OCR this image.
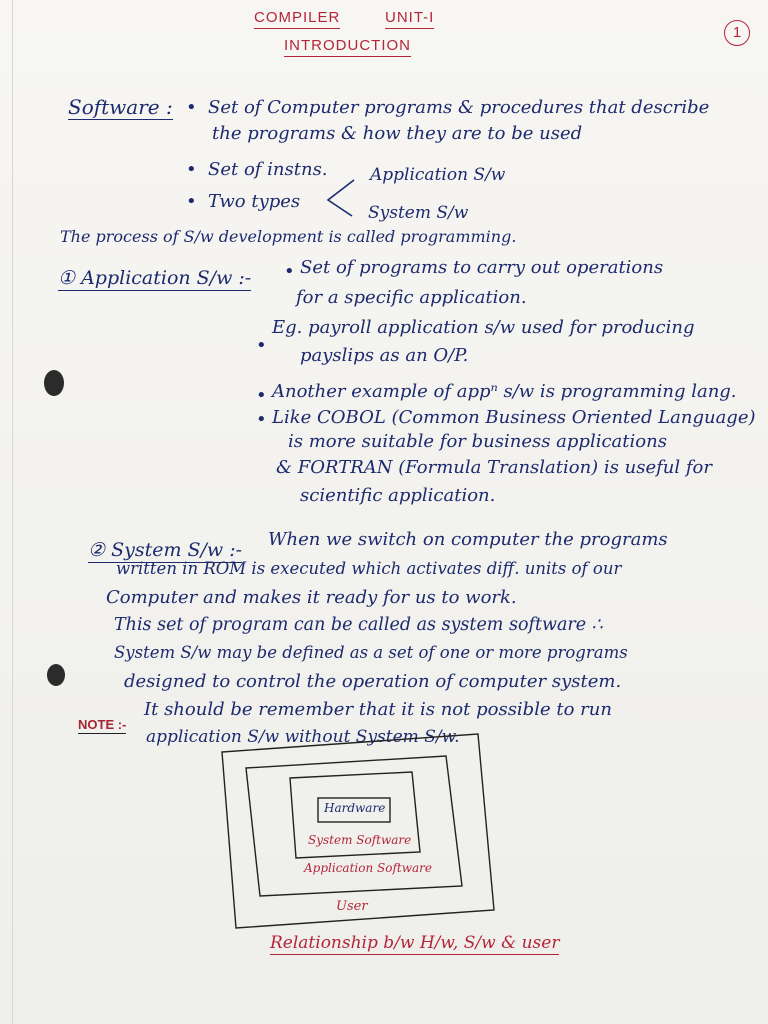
COMPILER	UNIT-I
INTRODUCTION
1
Software : • Set of Computer programs & procedures that describe
the programs & how they are to be used
• Set of instns.
• Two types
Application S/w
System S/w
The process of S/w development is called programming.
① Application S/w :- • Set of programs to carry out operations
for a specific application.
•
Eg. payroll application s/w used for producing
payslips as an O/P.
• Another example of appⁿ s/w is programming lang.
• Like COBOL (Common Business Oriented Language)
is more suitable for business applications
& FORTRAN (Formula Translation) is useful for
scientific application.
② System S/w :- When we switch on computer the programs
written in ROM is executed which activates diff. units of our
Computer and makes it ready for us to work.
This set of program can be called as system software ∴
System S/w may be defined as a set of one or more programs
designed to control the operation of computer system.
NOTE :-
It should be remember that it is not possible to run
application S/w without System S/w.
Hardware
System Software
Application Software
User
Relationship b/w H/w, S/w & user
